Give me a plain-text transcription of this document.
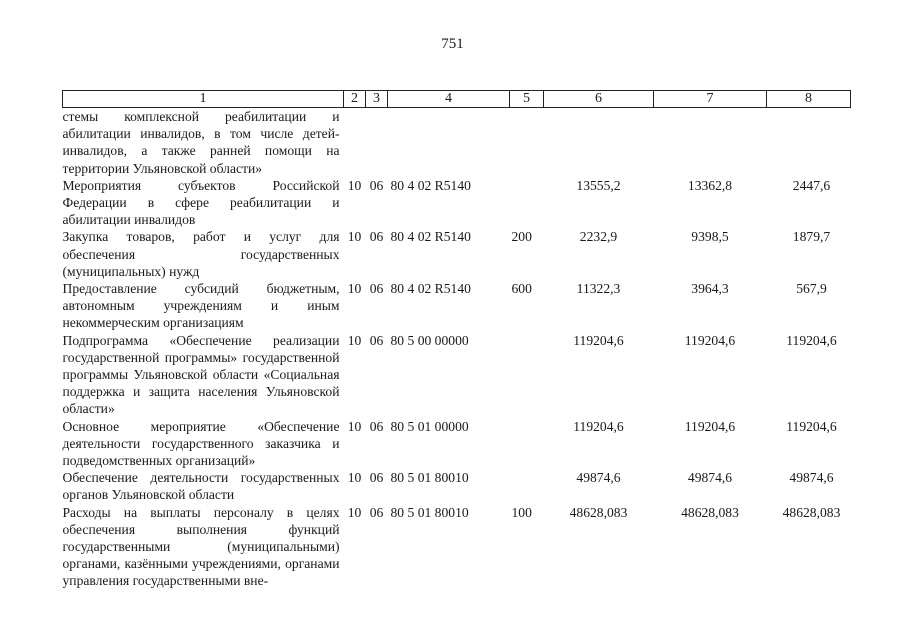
751
1	2	3	4	5	6	7	8
стемы комплексной реабилитации и абилитации инвалидов, в том числе детей-инвалидов, а также ранней помощи на территории Ульяновской области»							
Мероприятия субъектов Российской Федерации в сфере реабилитации и абилитации инвалидов	10	06	80 4 02 R5140		13555,2	13362,8	2447,6
Закупка товаров, работ и услуг для обеспечения государственных (муниципальных) нужд	10	06	80 4 02 R5140	200	2232,9	9398,5	1879,7
Предоставление субсидий бюджетным, автономным учреждениям и иным некоммерческим организациям	10	06	80 4 02 R5140	600	11322,3	3964,3	567,9
Подпрограмма «Обеспечение реализации государственной программы» государственной программы Ульяновской области «Социальная поддержка и защита населения Ульяновской области»	10	06	80 5 00 00000		119204,6	119204,6	119204,6
Основное мероприятие «Обеспечение деятельности государственного заказчика и подведомственных организаций»	10	06	80 5 01 00000		119204,6	119204,6	119204,6
Обеспечение деятельности государственных органов Ульяновской области	10	06	80 5 01 80010		49874,6	49874,6	49874,6
Расходы на выплаты персоналу в целях обеспечения выполнения функций государственными (муниципальными) органами, казёнными учреждениями, органами управления государственными вне-	10	06	80 5 01 80010	100	48628,083	48628,083	48628,083
